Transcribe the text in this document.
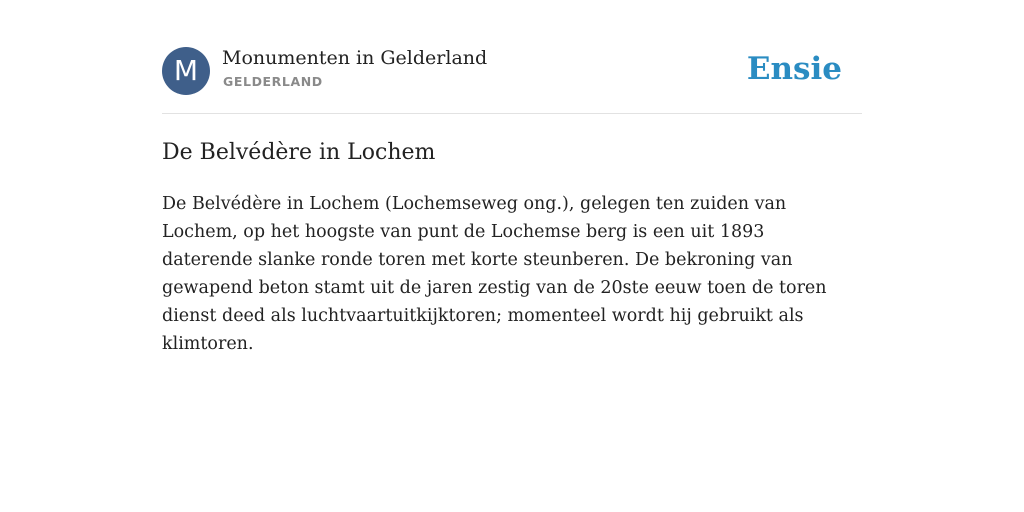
M	Monumenten in Gelderland
GELDERLAND	Ensie
De Belvédère in Lochem

De Belvédère in Lochem (Lochemseweg ong.), gelegen ten zuiden van Lochem, op het hoogste van punt de Lochemse berg is een uit 1893 daterende slanke ronde toren met korte steunberen. De bekroning van gewapend beton stamt uit de jaren zestig van de 20ste eeuw toen de toren dienst deed als luchtvaartuitkijktoren; momenteel wordt hij gebruikt als klimtoren.
